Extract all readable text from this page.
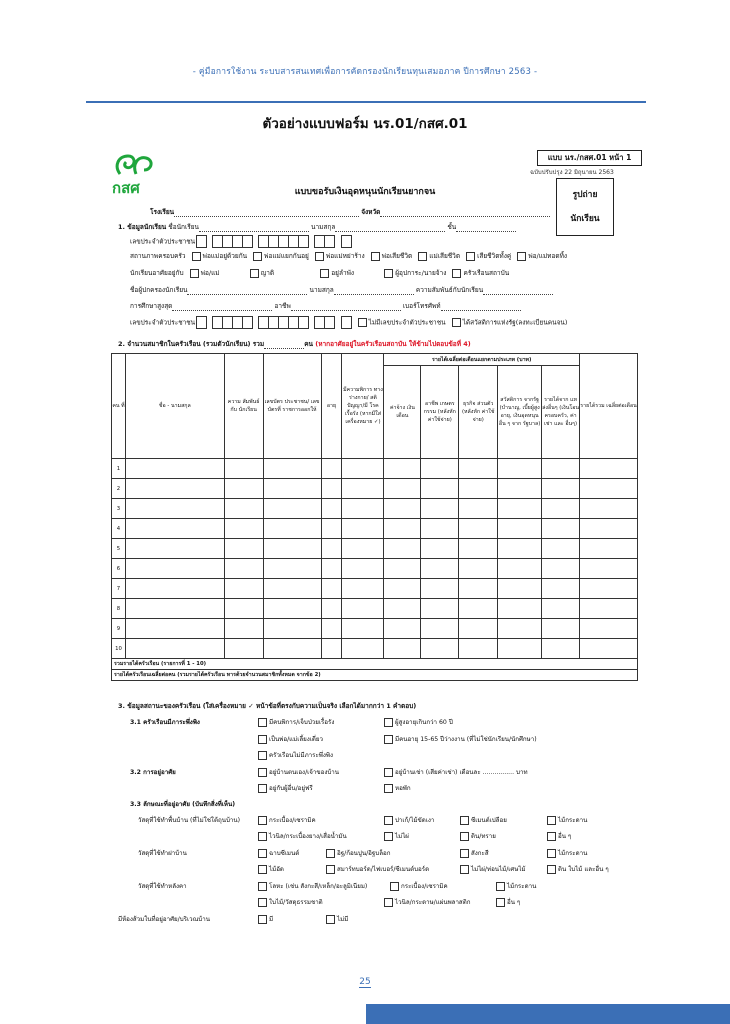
- คู่มือการใช้งาน ระบบสารสนเทศเพื่อการคัดกรองนักเรียนทุนเสมอภาค ปีการศึกษา 2563 -
ตัวอย่างแบบฟอร์ม นร.01/กสศ.01
กสศ
แบบ นร./กสศ.01 หน้า 1
ฉบับปรับปรุง 22 มิถุนายน 2563
รูปถ่าย
นักเรียน
แบบขอรับเงินอุดหนุนนักเรียนยากจน
โรงเรียน	จังหวัด
1. ข้อมูลนักเรียน ชื่อนักเรียน	นามสกุล	ชั้น
เลขประจำตัวประชาชน
สถานภาพครอบครัว	พ่อแม่อยู่ด้วยกัน	พ่อแม่แยกกันอยู่	พ่อแม่หย่าร้าง	พ่อเสียชีวิต	แม่เสียชีวิต	เสียชีวิตทั้งคู่	พ่อ/แม่ทอดทิ้ง
นักเรียนอาศัยอยู่กับ	พ่อ/แม่	ญาติ	อยู่ลำพัง	ผู้อุปการะ/นายจ้าง	ครัวเรือนสถาบัน
ชื่อผู้ปกครองนักเรียน	นามสกุล	ความสัมพันธ์กับนักเรียน
การศึกษาสูงสุด	อาชีพ	เบอร์โทรศัพท์
เลขประจำตัวประชาชน	ไม่มีเลขประจำตัวประชาชน	ได้สวัสดิการแห่งรัฐ(ลงทะเบียนคนจน)
2. จำนวนสมาชิกในครัวเรือน (รวมตัวนักเรียน) รวม	คน (หากอาศัยอยู่ในครัวเรือนสถาบัน ให้ข้ามไปตอบข้อที่ 4)
คน ที่	ชื่อ - นามสกุล	ความ สัมพันธ์กับ นักเรียน	เลขบัตร ประชาชน/ เลขบัตรที่ ราชการออกให้	อายุ	มีความพิการ ทางร่างกาย/ สติปัญญา/มี โรคเรื้อรัง (หากมีใส่ เครื่องหมาย ✓)	รายได้เฉลี่ยต่อเดือนแยกตามประเภท (บาท)					รายได้รวม เฉลี่ยต่อเดือน
						ค่าจ้าง เงินเดือน	อาชีพ เกษตร กรรม (หลังหัก ค่าใช้จ่าย)	ธุรกิจ ส่วนตัว (หลังหัก ค่าใช้จ่าย)	สวัสดิการ จากรัฐ (บำนาญ, เบี้ยผู้สูงอายุ, เงินอุดหนุน อื่น ๆ จาก รัฐบาล)	รายได้จาก แหล่งอื่นๆ (เงินโอน ครอบครัว, ค่าเช่า และ อื่นๆ)	
1											
2											
3											
4											
5											
6											
7											
8											
9											
10											
รวมรายได้ครัวเรือน (รายการที่ 1 - 10)											
รายได้ครัวเรือนเฉลี่ยต่อคน (รวมรายได้ครัวเรือน หารด้วยจำนวนสมาชิกทั้งหมด จากข้อ 2)											
3. ข้อมูลสถานะของครัวเรือน (ใส่เครื่องหมาย ✓ หน้าข้อที่ตรงกับความเป็นจริง เลือกได้มากกว่า 1 คำตอบ)
3.1 ครัวเรือนมีภาระพึ่งพิง	มีคนพิการ/เจ็บป่วยเรื้อรัง	ผู้สูงอายุเกินกว่า 60 ปี
เป็นพ่อ/แม่เลี้ยงเดี่ยว	มีคนอายุ 15-65 ปีว่างงาน (ที่ไม่ใช่นักเรียน/นักศึกษา)
ครัวเรือนไม่มีภาระพึ่งพิง
3.2 การอยู่อาศัย	อยู่บ้านตนเอง/เจ้าของบ้าน	อยู่บ้านเช่า (เสียค่าเช่า) เดือนละ ................ บาท
อยู่กับผู้อื่น/อยู่ฟรี	หอพัก
3.3 ลักษณะที่อยู่อาศัย (บันทึกสิ่งที่เห็น)
วัสดุที่ใช้ทำพื้นบ้าน (ที่ไม่ใช่ใต้ถุนบ้าน)	กระเบื้อง/เซรามิค	ปาเก้/ไม้ขัดเงา	ซีเมนต์เปลือย	ไม้กระดาน
ไวนิล/กระเบื้องยาง/เสื่อน้ำมัน	ไม่ไผ่	ดิน/ทราย	อื่น ๆ
วัสดุที่ใช้ทำฝาบ้าน	ฉาบซีเมนต์	อิฐ/ก้อนปูน/อิฐบล็อก	สังกะสี	ไม้กระดาน
ไม้อัด	สมาร์ทบอร์ด/ไฟเบอร์/ซีเมนต์บอร์ด	ไม่ไผ่/ท่อนไม้/เศษไม้	ดิน ใบไม้ และอื่น ๆ
วัสดุที่ใช้ทำหลังคา	โลหะ (เช่น สังกะสี/เหล็ก/อะลูมิเนียม)	กระเบื้อง/เซรามิค	ไม้กระดาน
ใบไม้/วัสดุธรรมชาติ	ไวนิล/กระดาษ/แผ่นพลาสติก	อื่น ๆ
มีห้องส้วมในที่อยู่อาศัย/บริเวณบ้าน	มี	ไม่มี
25
